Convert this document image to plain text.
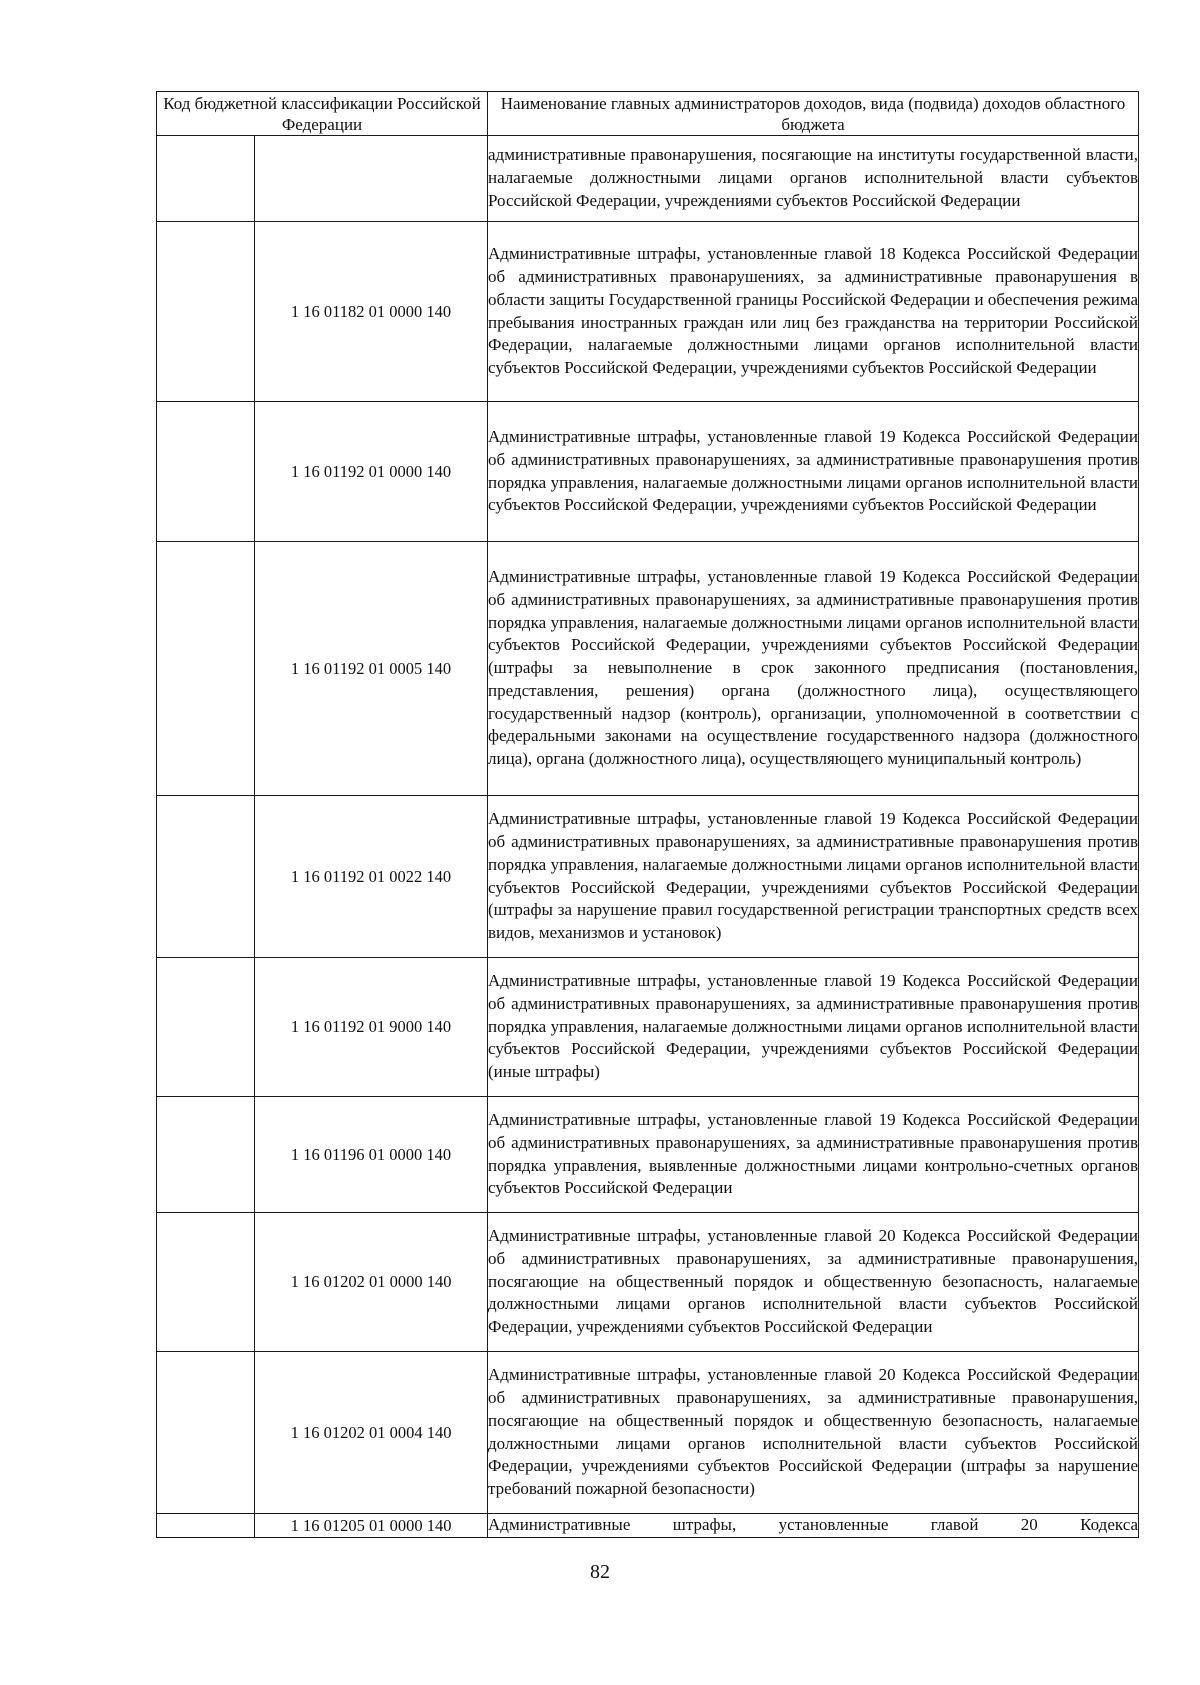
Код бюджетной классификации Российской Федерации		Наименование главных администраторов доходов, вида (подвида) доходов областного бюджета
		административные правонарушения, посягающие на институты государственной власти, налагаемые должностными лицами органов исполнительной власти субъектов Российской Федерации, учреждениями субъектов Российской Федерации
	1 16 01182 01 0000 140	Административные штрафы, установленные главой 18 Кодекса Российской Федерации об административных правонарушениях, за административные правонарушения в области защиты Государственной границы Российской Федерации и обеспечения режима пребывания иностранных граждан или лиц без гражданства на территории Российской Федерации, налагаемые должностными лицами органов исполнительной власти субъектов Российской Федерации, учреждениями субъектов Российской Федерации
	1 16 01192 01 0000 140	Административные штрафы, установленные главой 19 Кодекса Российской Федерации об административных правонарушениях, за административные правонарушения против порядка управления, налагаемые должностными лицами органов исполнительной власти субъектов Российской Федерации, учреждениями субъектов Российской Федерации
	1 16 01192 01 0005 140	Административные штрафы, установленные главой 19 Кодекса Российской Федерации об административных правонарушениях, за административные правонарушения против порядка управления, налагаемые должностными лицами органов исполнительной власти субъектов Российской Федерации, учреждениями субъектов Российской Федерации (штрафы за невыполнение в срок законного предписания (постановления, представления, решения) органа (должностного лица), осуществляющего государственный надзор (контроль), организации, уполномоченной в соответствии с федеральными законами на осуществление государственного надзора (должностного лица), органа (должностного лица), осуществляющего муниципальный контроль)
	1 16 01192 01 0022 140	Административные штрафы, установленные главой 19 Кодекса Российской Федерации об административных правонарушениях, за административные правонарушения против порядка управления, налагаемые должностными лицами органов исполнительной власти субъектов Российской Федерации, учреждениями субъектов Российской Федерации (штрафы за нарушение правил государственной регистрации транспортных средств всех видов, механизмов и установок)
	1 16 01192 01 9000 140	Административные штрафы, установленные главой 19 Кодекса Российской Федерации об административных правонарушениях, за административные правонарушения против порядка управления, налагаемые должностными лицами органов исполнительной власти субъектов Российской Федерации, учреждениями субъектов Российской Федерации (иные штрафы)
	1 16 01196 01 0000 140	Административные штрафы, установленные главой 19 Кодекса Российской Федерации об административных правонарушениях, за административные правонарушения против порядка управления, выявленные должностными лицами контрольно-счетных органов субъектов Российской Федерации
	1 16 01202 01 0000 140	Административные штрафы, установленные главой 20 Кодекса Российской Федерации об административных правонарушениях, за административные правонарушения, посягающие на общественный порядок и общественную безопасность, налагаемые должностными лицами органов исполнительной власти субъектов Российской Федерации, учреждениями субъектов Российской Федерации
	1 16 01202 01 0004 140	Административные штрафы, установленные главой 20 Кодекса Российской Федерации об административных правонарушениях, за административные правонарушения, посягающие на общественный порядок и общественную безопасность, налагаемые должностными лицами органов исполнительной власти субъектов Российской Федерации, учреждениями субъектов Российской Федерации (штрафы за нарушение требований пожарной безопасности)
	1 16 01205 01 0000 140	Административные штрафы, установленные главой 20 Кодекса
82
